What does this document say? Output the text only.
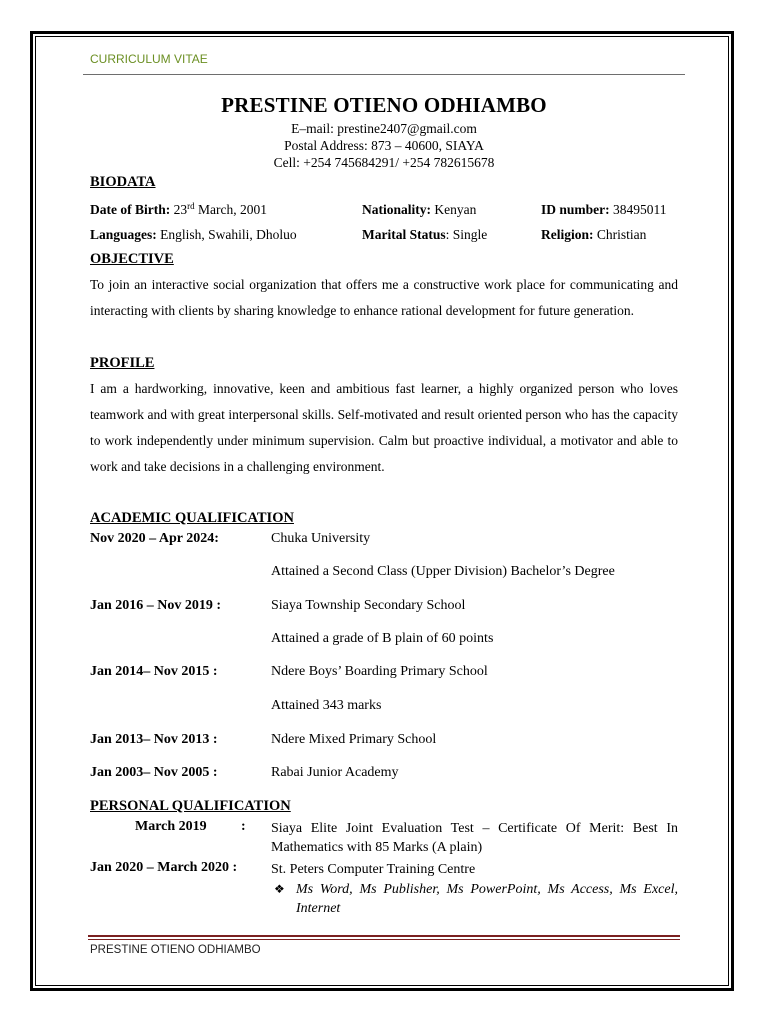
CURRICULUM VITAE
PRESTINE OTIENO ODHIAMBO
E–mail: prestine2407@gmail.com
Postal Address: 873 – 40600, SIAYA
Cell: +254 745684291/ +254 782615678
BIODATA
Date of Birth: 23rd March, 2001	Nationality: Kenyan	ID number: 38495011
Languages: English, Swahili, Dholuo	Marital Status: Single	Religion: Christian
OBJECTIVE
To join an interactive social organization that offers me a constructive work place for communicating and interacting with clients by sharing knowledge to enhance rational development for future generation.
PROFILE
I am a hardworking, innovative, keen and ambitious fast learner, a highly organized person who loves teamwork and with great interpersonal skills. Self-motivated and result oriented person who has the capacity to work independently under minimum supervision. Calm but proactive individual, a motivator and able to work and take decisions in a challenging environment.
ACADEMIC QUALIFICATION
Nov 2020 – Apr 2024:	Chuka University
Attained a Second Class (Upper Division) Bachelor’s Degree
Jan 2016 – Nov 2019 :	Siaya Township Secondary School
Attained a grade of B plain of 60 points
Jan 2014– Nov 2015 :	Ndere Boys’ Boarding Primary School
Attained 343 marks
Jan 2013– Nov 2013 :	Ndere Mixed Primary School
Jan 2003– Nov 2005 :	Rabai Junior Academy
PERSONAL QUALIFICATION
March 2019 : Siaya Elite Joint Evaluation Test – Certificate Of Merit: Best In Mathematics with 85 Marks (A plain)
Jan 2020 – March 2020 : St. Peters Computer Training Centre
❖ Ms Word, Ms Publisher, Ms PowerPoint, Ms Access, Ms Excel, Internet
PRESTINE OTIENO ODHIAMBO
